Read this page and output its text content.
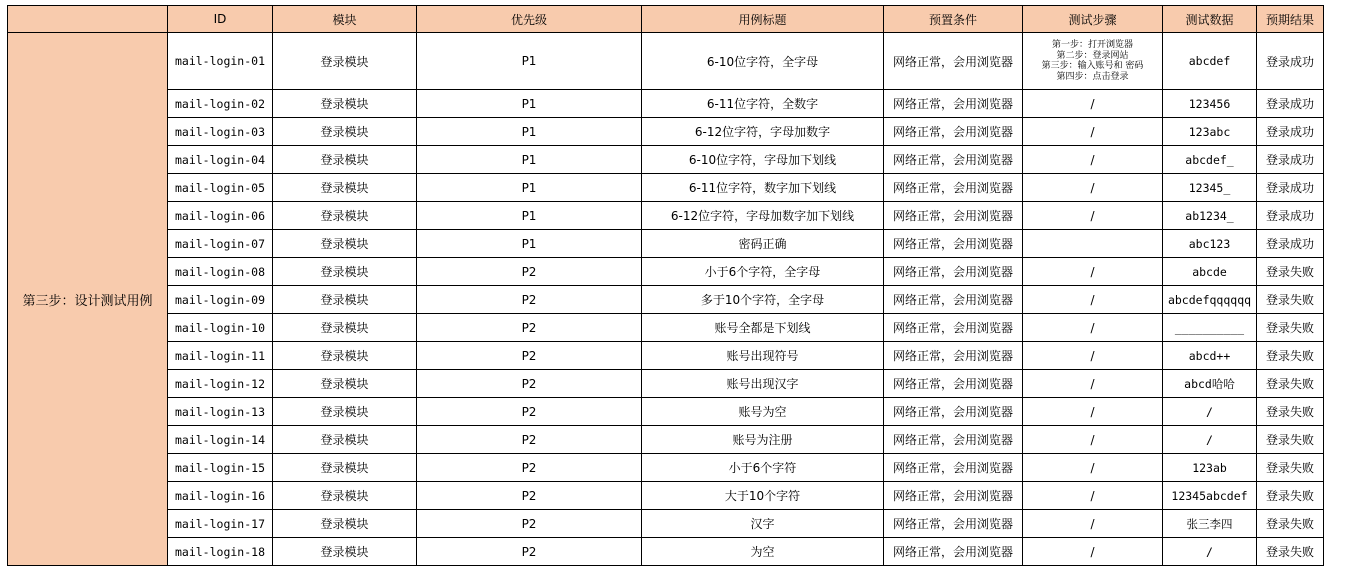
	ID	模块	优先级	用例标题	预置条件	测试步骤	测试数据	预期结果
第三步：设计测试用例	mail-login-01	登录模块	P1	6-10位字符，全字母	网络正常，会用浏览器	第一步：打开浏览器
第二步：登录网站
第三步：输入账号和 密码
第四步：点击登录	abcdef	登录成功
	mail-login-02	登录模块	P1	6-11位字符，全数字	网络正常，会用浏览器	/	123456	登录成功
	mail-login-03	登录模块	P1	6-12位字符，字母加数字	网络正常，会用浏览器	/	123abc	登录成功
	mail-login-04	登录模块	P1	6-10位字符，字母加下划线	网络正常，会用浏览器	/	abcdef_	登录成功
	mail-login-05	登录模块	P1	6-11位字符，数字加下划线	网络正常，会用浏览器	/	12345_	登录成功
	mail-login-06	登录模块	P1	6-12位字符，字母加数字加下划线	网络正常，会用浏览器	/	ab1234_	登录成功
	mail-login-07	登录模块	P1	密码正确	网络正常，会用浏览器		abc123	登录成功
	mail-login-08	登录模块	P2	小于6个字符，全字母	网络正常，会用浏览器	/	abcde	登录失败
	mail-login-09	登录模块	P2	多于10个字符，全字母	网络正常，会用浏览器	/	abcdefqqqqqq	登录失败
	mail-login-10	登录模块	P2	账号全都是下划线	网络正常，会用浏览器	/	__________	登录失败
	mail-login-11	登录模块	P2	账号出现符号	网络正常，会用浏览器	/	abcd++	登录失败
	mail-login-12	登录模块	P2	账号出现汉字	网络正常，会用浏览器	/	abcd哈哈	登录失败
	mail-login-13	登录模块	P2	账号为空	网络正常，会用浏览器	/	/	登录失败
	mail-login-14	登录模块	P2	账号为注册	网络正常，会用浏览器	/	/	登录失败
	mail-login-15	登录模块	P2	小于6个字符	网络正常，会用浏览器	/	123ab	登录失败
	mail-login-16	登录模块	P2	大于10个字符	网络正常，会用浏览器	/	12345abcdef	登录失败
	mail-login-17	登录模块	P2	汉字	网络正常，会用浏览器	/	张三李四	登录失败
	mail-login-18	登录模块	P2	为空	网络正常，会用浏览器	/	/	登录失败
